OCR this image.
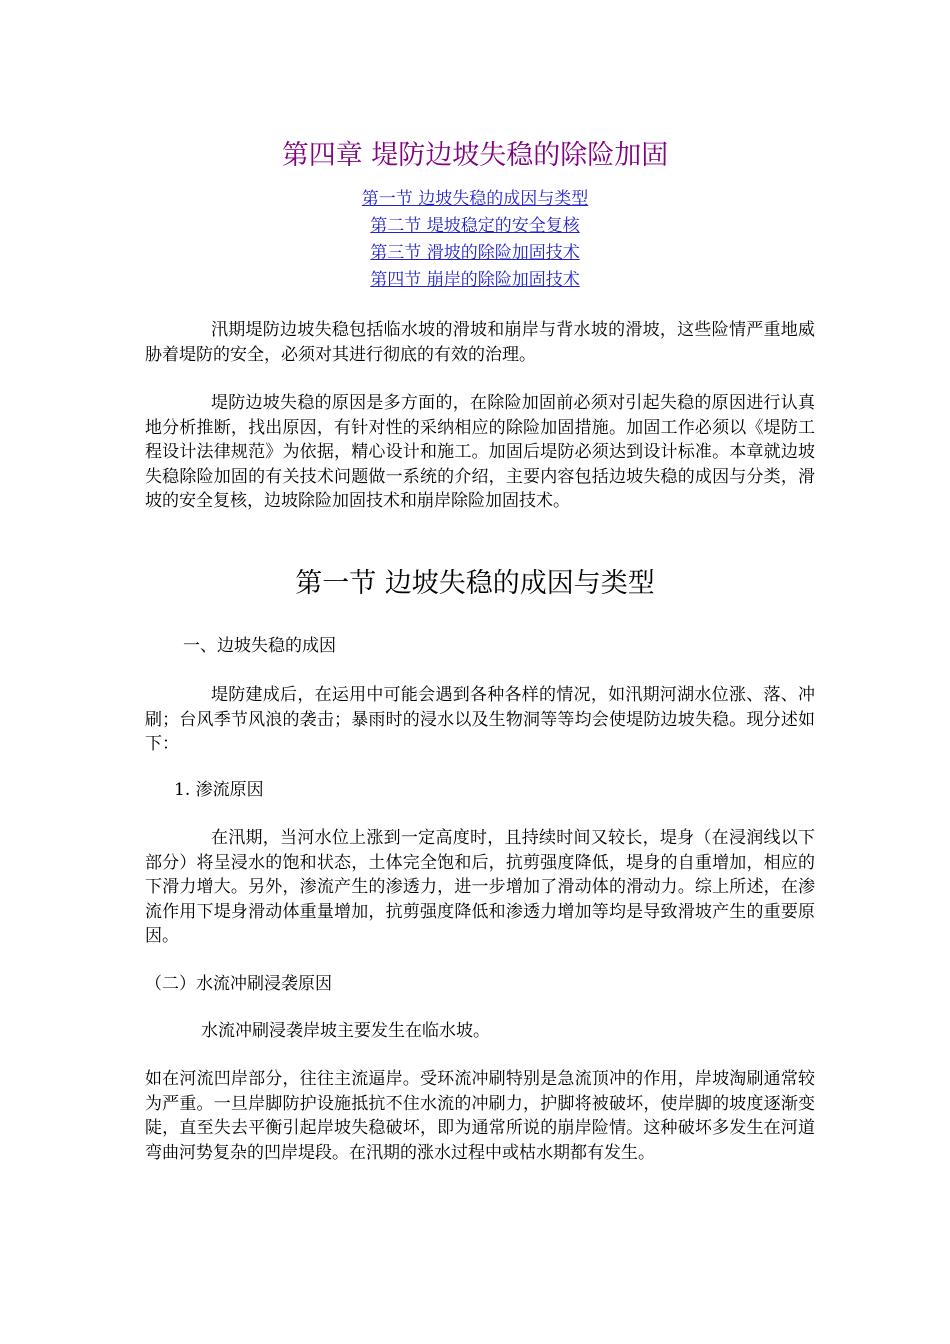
第四章 堤防边坡失稳的除险加固
第一节 边坡失稳的成因与类型
第二节 堤坡稳定的安全复核
第三节 滑坡的除险加固技术
第四节 崩岸的除险加固技术

汛期堤防边坡失稳包括临水坡的滑坡和崩岸与背水坡的滑坡，这些险情严重地威胁着堤防的安全，必须对其进行彻底的有效的治理。

堤防边坡失稳的原因是多方面的，在除险加固前必须对引起失稳的原因进行认真地分析推断，找出原因，有针对性的采纳相应的除险加固措施。加固工作必须以《堤防工程设计法律规范》为依据，精心设计和施工。加固后堤防必须达到设计标准。本章就边坡失稳除险加固的有关技术问题做一系统的介绍，主要内容包括边坡失稳的成因与分类，滑坡的安全复核，边坡除险加固技术和崩岸除险加固技术。

第一节 边坡失稳的成因与类型
一、边坡失稳的成因

堤防建成后，在运用中可能会遇到各种各样的情况，如汛期河湖水位涨、落、冲刷；台风季节风浪的袭击；暴雨时的浸水以及生物洞等等均会使堤防边坡失稳。现分述如下：

1. 渗流原因

在汛期，当河水位上涨到一定高度时，且持续时间又较长，堤身（在浸润线以下部分）将呈浸水的饱和状态，土体完全饱和后，抗剪强度降低，堤身的自重增加，相应的下滑力增大。另外，渗流产生的渗透力，进一步增加了滑动体的滑动力。综上所述，在渗流作用下堤身滑动体重量增加，抗剪强度降低和渗透力增加等均是导致滑坡产生的重要原因。

（二）水流冲刷浸袭原因

水流冲刷浸袭岸坡主要发生在临水坡。

如在河流凹岸部分，往往主流逼岸。受环流冲刷特别是急流顶冲的作用，岸坡淘刷通常较为严重。一旦岸脚防护设施抵抗不住水流的冲刷力，护脚将被破坏，使岸脚的坡度逐渐变陡，直至失去平衡引起岸坡失稳破坏，即为通常所说的崩岸险情。这种破坏多发生在河道弯曲河势复杂的凹岸堤段。在汛期的涨水过程中或枯水期都有发生。
